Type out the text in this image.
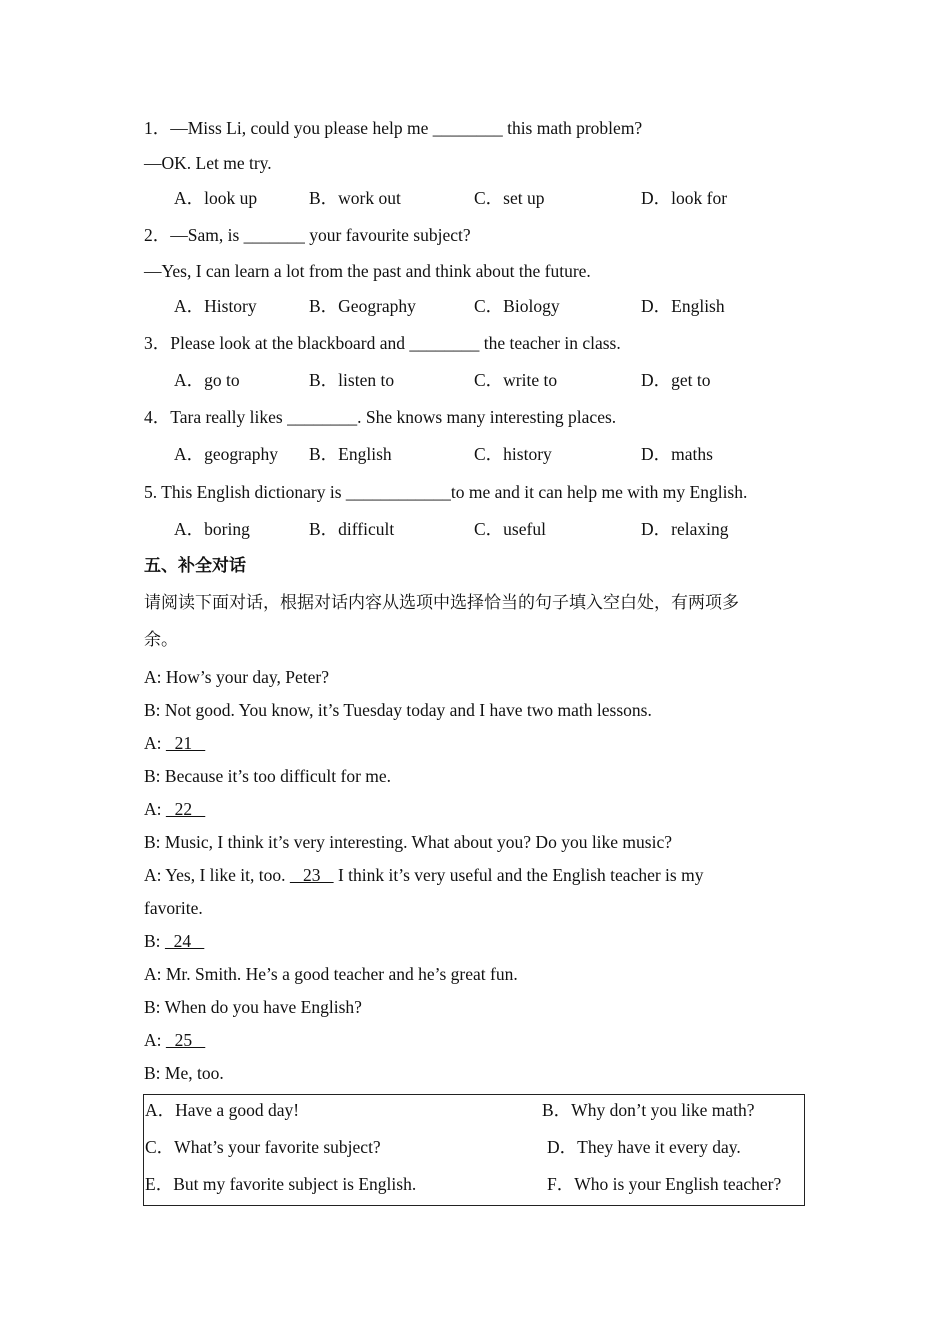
1．—Miss Li, could you please help me ________ this math problem?
—OK. Let me try.
A．look up	B．work out	C．set up	D．look for
2．—Sam, is _______ your favourite subject?
—Yes, I can learn a lot from the past and think about the future.
A．History	B．Geography	C．Biology	D．English
3．Please look at the blackboard and ________ the teacher in class.
A．go to	B．listen to	C．write to	D．get to
4．Tara really likes ________. She knows many interesting places.
A．geography B．English	C．history	D．maths
5. This English dictionary is ____________to me and it can help me with my English.
A．boring	B．difficult	C．useful	D．relaxing
五、补全对话
请阅读下面对话，根据对话内容从选项中选择恰当的句子填入空白处，有两项多
余。
A: How’s your day, Peter?
B: Not good. You know, it’s Tuesday today and I have two math lessons.
A:   21
B: Because it’s too difficult for me.
A:   22
B: Music, I think it’s very interesting. What about you? Do you like music?
A: Yes, I like it, too.    23    I think it’s very useful and the English teacher is my
favorite.
B:   24
A: Mr. Smith. He’s a good teacher and he’s great fun.
B: When do you have English?
A:   25
B: Me, too.
A．Have a good day!	B．Why don’t you like math?
C．What’s your favorite subject?	D．They have it every day.
E．But my favorite subject is English.	F．Who is your English teacher?
